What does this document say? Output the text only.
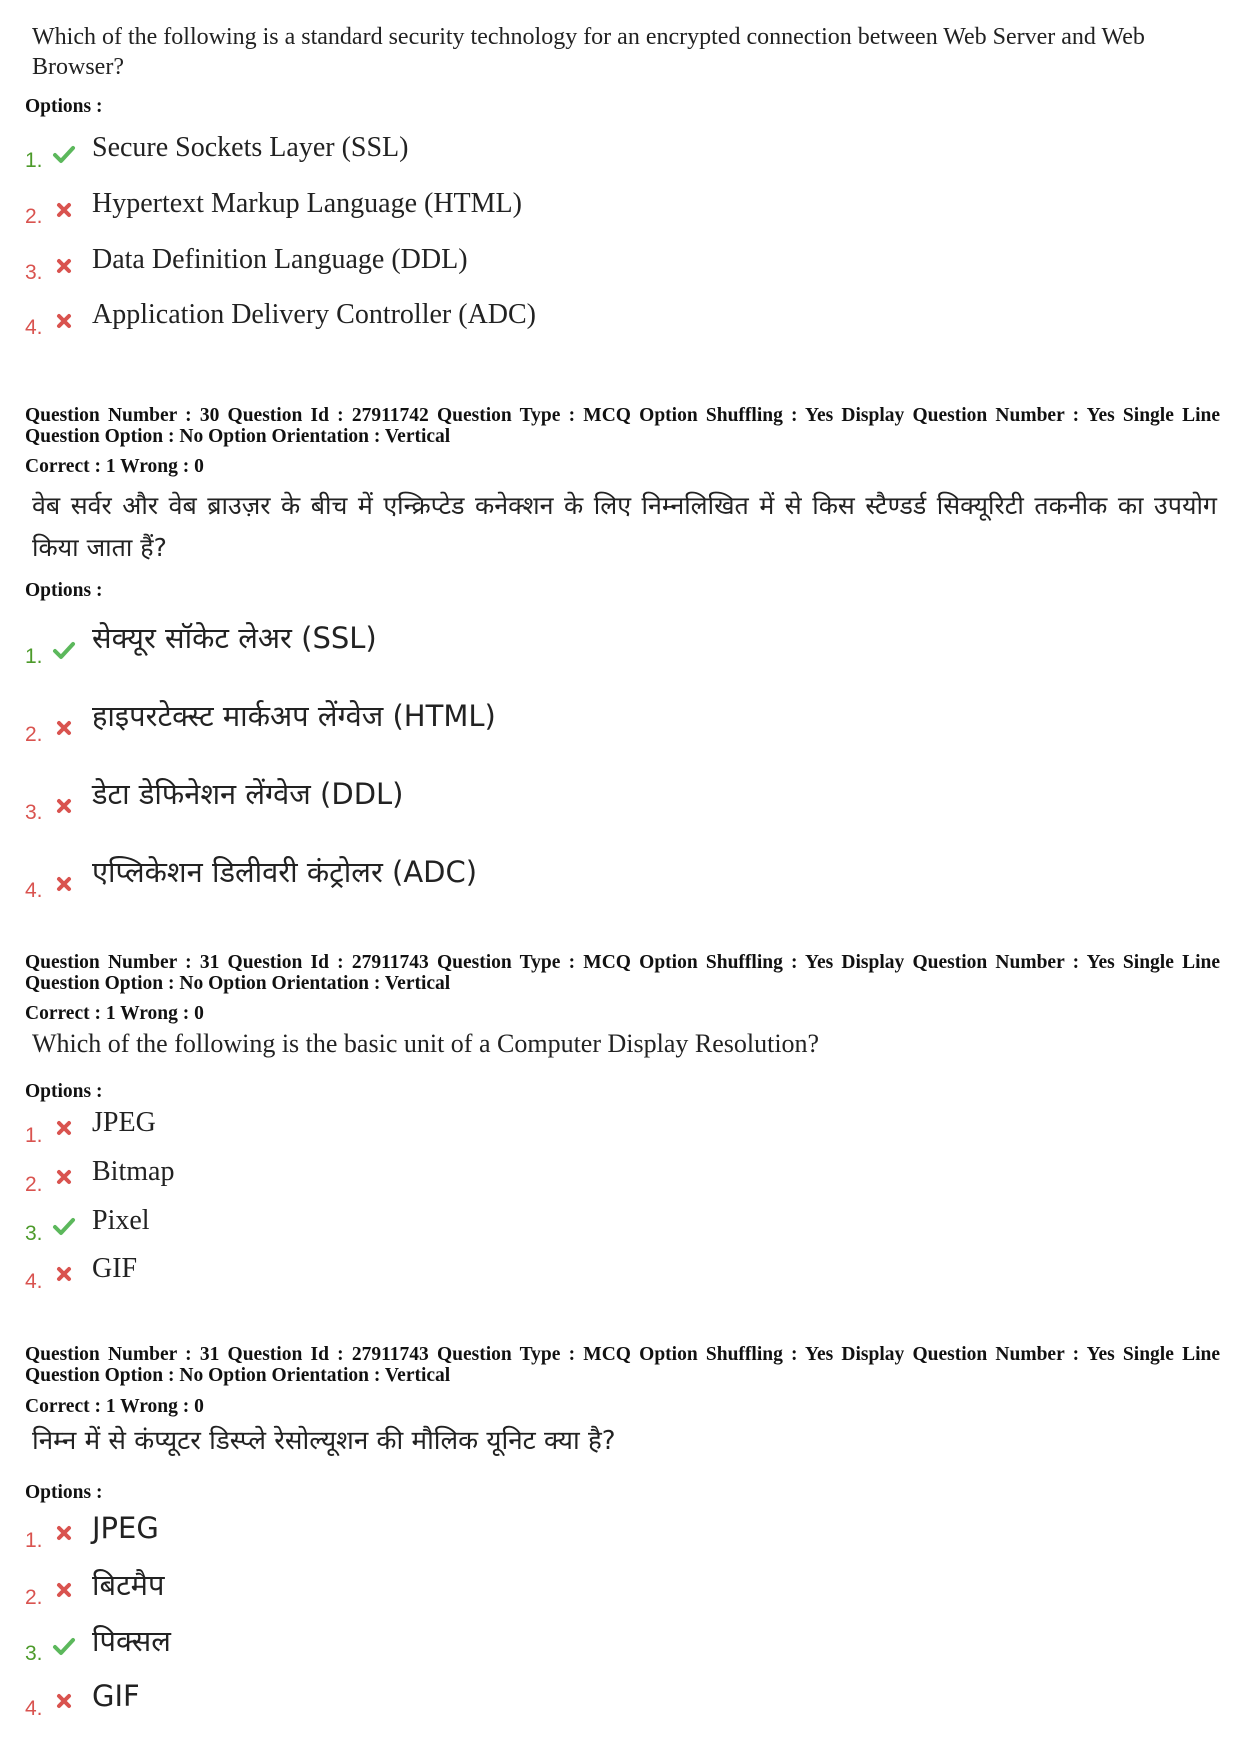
Which of the following is a standard security technology for an encrypted connection between Web Server and Web Browser?
Options :
1. Secure Sockets Layer (SSL)
2. Hypertext Markup Language (HTML)
3. Data Definition Language (DDL)
4. Application Delivery Controller (ADC)
Question Number : 30 Question Id : 27911742 Question Type : MCQ Option Shuffling : Yes Display Question Number : Yes Single Line Question Option : No Option Orientation : Vertical
Correct : 1 Wrong : 0
वेब सर्वर और वेब ब्राउज़र के बीच में एन्क्रिप्टेड कनेक्शन के लिए निम्नलिखित में से किस स्टैण्डर्ड सिक्यूरिटी तकनीक का उपयोग किया जाता हैं?
Options :
1.
सेक्यूर सॉकेट लेअर (SSL)
2.
हाइपरटेक्स्ट मार्कअप लेंग्वेज (HTML)
3.
डेटा डेफिनेशन लेंग्वेज (DDL)
4.
एप्लिकेशन डिलीवरी कंट्रोलर (ADC)
Question Number : 31 Question Id : 27911743 Question Type : MCQ Option Shuffling : Yes Display Question Number : Yes Single Line Question Option : No Option Orientation : Vertical
Correct : 1 Wrong : 0
Which of the following is the basic unit of a Computer Display Resolution?
Options :
1. JPEG
2. Bitmap
3. Pixel
4. GIF
Question Number : 31 Question Id : 27911743 Question Type : MCQ Option Shuffling : Yes Display Question Number : Yes Single Line Question Option : No Option Orientation : Vertical
Correct : 1 Wrong : 0
निम्न में से कंप्यूटर डिस्प्ले रेसोल्यूशन की मौलिक यूनिट क्या है?
Options :
1. JPEG
2. बिटमैप
3. पिक्सल
4. GIF
